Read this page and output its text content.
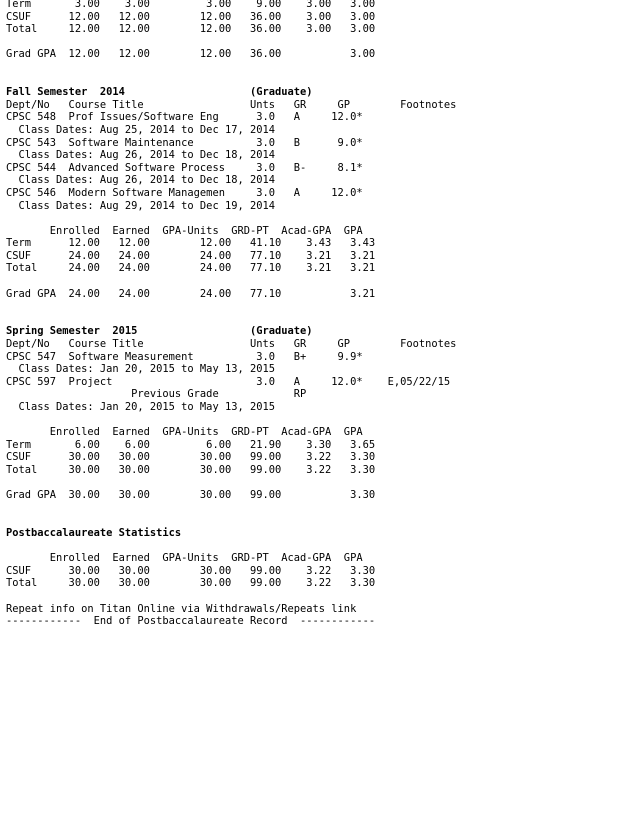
Term       3.00    3.00         3.00    9.00    3.00   3.00
CSUF      12.00   12.00        12.00   36.00    3.00   3.00
Total     12.00   12.00        12.00   36.00    3.00   3.00
Grad GPA  12.00   12.00        12.00   36.00           3.00
Fall Semester  2014                    (Graduate)
Dept/No   Course Title                 Unts   GR     GP        Footnotes
CPSC 548  Prof Issues/Software Eng      3.0   A     12.0*
Class Dates: Aug 25, 2014 to Dec 17, 2014
CPSC 543  Software Maintenance          3.0   B      9.0*
Class Dates: Aug 26, 2014 to Dec 18, 2014
CPSC 544  Advanced Software Process     3.0   B-     8.1*
Class Dates: Aug 26, 2014 to Dec 18, 2014
CPSC 546  Modern Software Managemen     3.0   A     12.0*
Class Dates: Aug 29, 2014 to Dec 19, 2014
Enrolled  Earned  GPA-Units  GRD-PT  Acad-GPA  GPA
Term      12.00   12.00        12.00   41.10    3.43   3.43
CSUF      24.00   24.00        24.00   77.10    3.21   3.21
Total     24.00   24.00        24.00   77.10    3.21   3.21
Grad GPA  24.00   24.00        24.00   77.10           3.21
Spring Semester  2015                  (Graduate)
Dept/No   Course Title                 Unts   GR     GP        Footnotes
CPSC 547  Software Measurement          3.0   B+     9.9*
Class Dates: Jan 20, 2015 to May 13, 2015
CPSC 597  Project                       3.0   A     12.0*    E,05/22/15
Previous Grade            RP
Class Dates: Jan 20, 2015 to May 13, 2015
Enrolled  Earned  GPA-Units  GRD-PT  Acad-GPA  GPA
Term       6.00    6.00         6.00   21.90    3.30   3.65
CSUF      30.00   30.00        30.00   99.00    3.22   3.30
Total     30.00   30.00        30.00   99.00    3.22   3.30
Grad GPA  30.00   30.00        30.00   99.00           3.30
Postbaccalaureate Statistics
Enrolled  Earned  GPA-Units  GRD-PT  Acad-GPA  GPA
CSUF      30.00   30.00        30.00   99.00    3.22   3.30
Total     30.00   30.00        30.00   99.00    3.22   3.30
Repeat info on Titan Online via Withdrawals/Repeats link
------------  End of Postbaccalaureate Record  ------------
